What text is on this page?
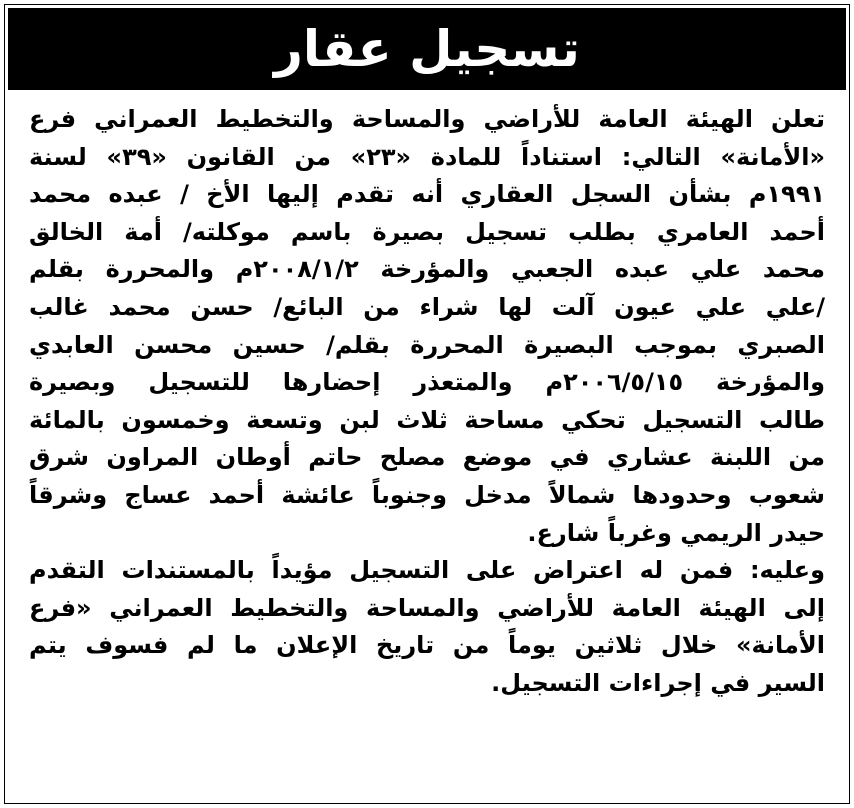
تسجيل عقار
تعلن الهيئة العامة للأراضي والمساحة والتخطيط العمراني فرع
«الأمانة» التالي: استناداً للمادة «٢٣» من القانون «٣٩» لسنة
١٩٩١م بشأن السجل العقاري أنه تقدم إليها الأخ / عبده محمد
أحمد العامري بطلب تسجيل بصيرة باسم موكلته/ أمة الخالق
محمد علي عبده الجعبي والمؤرخة ٢٠٠٨/١/٢م والمحررة بقلم
/علي علي عيون آلت لها شراء من البائع/ حسن محمد غالب
الصبري بموجب البصيرة المحررة بقلم/ حسين محسن العابدي
والمؤرخة ٢٠٠٦/٥/١٥م والمتعذر إحضارها للتسجيل وبصيرة
طالب التسجيل تحكي مساحة ثلاث لبن وتسعة وخمسون بالمائة
من اللبنة عشاري في موضع مصلح حاتم أوطان المراون شرق
شعوب وحدودها شمالاً مدخل وجنوباً عائشة أحمد عساج وشرقاً
حيدر الريمي وغرباً شارع.
وعليه: فمن له اعتراض على التسجيل مؤيداً بالمستندات التقدم
إلى الهيئة العامة للأراضي والمساحة والتخطيط العمراني «فرع
الأمانة» خلال ثلاثين يوماً من تاريخ الإعلان ما لم فسوف يتم
السير في إجراءات التسجيل.
